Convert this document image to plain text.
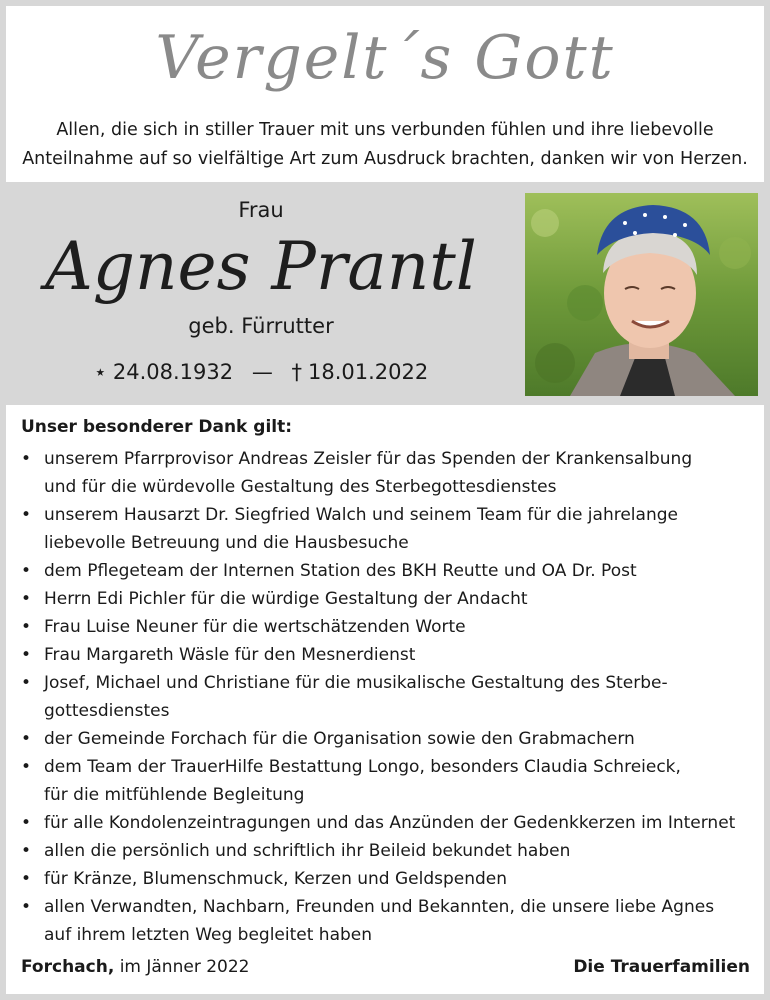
Vergelt´s Gott
Allen, die sich in stiller Trauer mit uns verbunden fühlen und ihre liebevolle
Anteilnahme auf so vielfältige Art zum Ausdruck brachten, danken wir von Herzen.
Frau
Agnes Prantl
geb. Fürrutter
⋆ 24.08.1932 — † 18.01.2022
Unser besonderer Dank gilt:
• unserem Pfarrprovisor Andreas Zeisler für das Spenden der Krankensalbung
und für die würdevolle Gestaltung des Sterbegottesdienstes
• unserem Hausarzt Dr. Siegfried Walch und seinem Team für die jahrelange
liebevolle Betreuung und die Hausbesuche
• dem Pflegeteam der Internen Station des BKH Reutte und OA Dr. Post
• Herrn Edi Pichler für die würdige Gestaltung der Andacht
• Frau Luise Neuner für die wertschätzenden Worte
• Frau Margareth Wäsle für den Mesnerdienst
• Josef, Michael und Christiane für die musikalische Gestaltung des Sterbe-
gottesdienstes
• der Gemeinde Forchach für die Organisation sowie den Grabmachern
• dem Team der TrauerHilfe Bestattung Longo, besonders Claudia Schreieck,
für die mitfühlende Begleitung
• für alle Kondolenzeintragungen und das Anzünden der Gedenkkerzen im Internet
• allen die persönlich und schriftlich ihr Beileid bekundet haben
• für Kränze, Blumenschmuck, Kerzen und Geldspenden
• allen Verwandten, Nachbarn, Freunden und Bekannten, die unsere liebe Agnes
auf ihrem letzten Weg begleitet haben
Forchach, im Jänner 2022	Die Trauerfamilien
